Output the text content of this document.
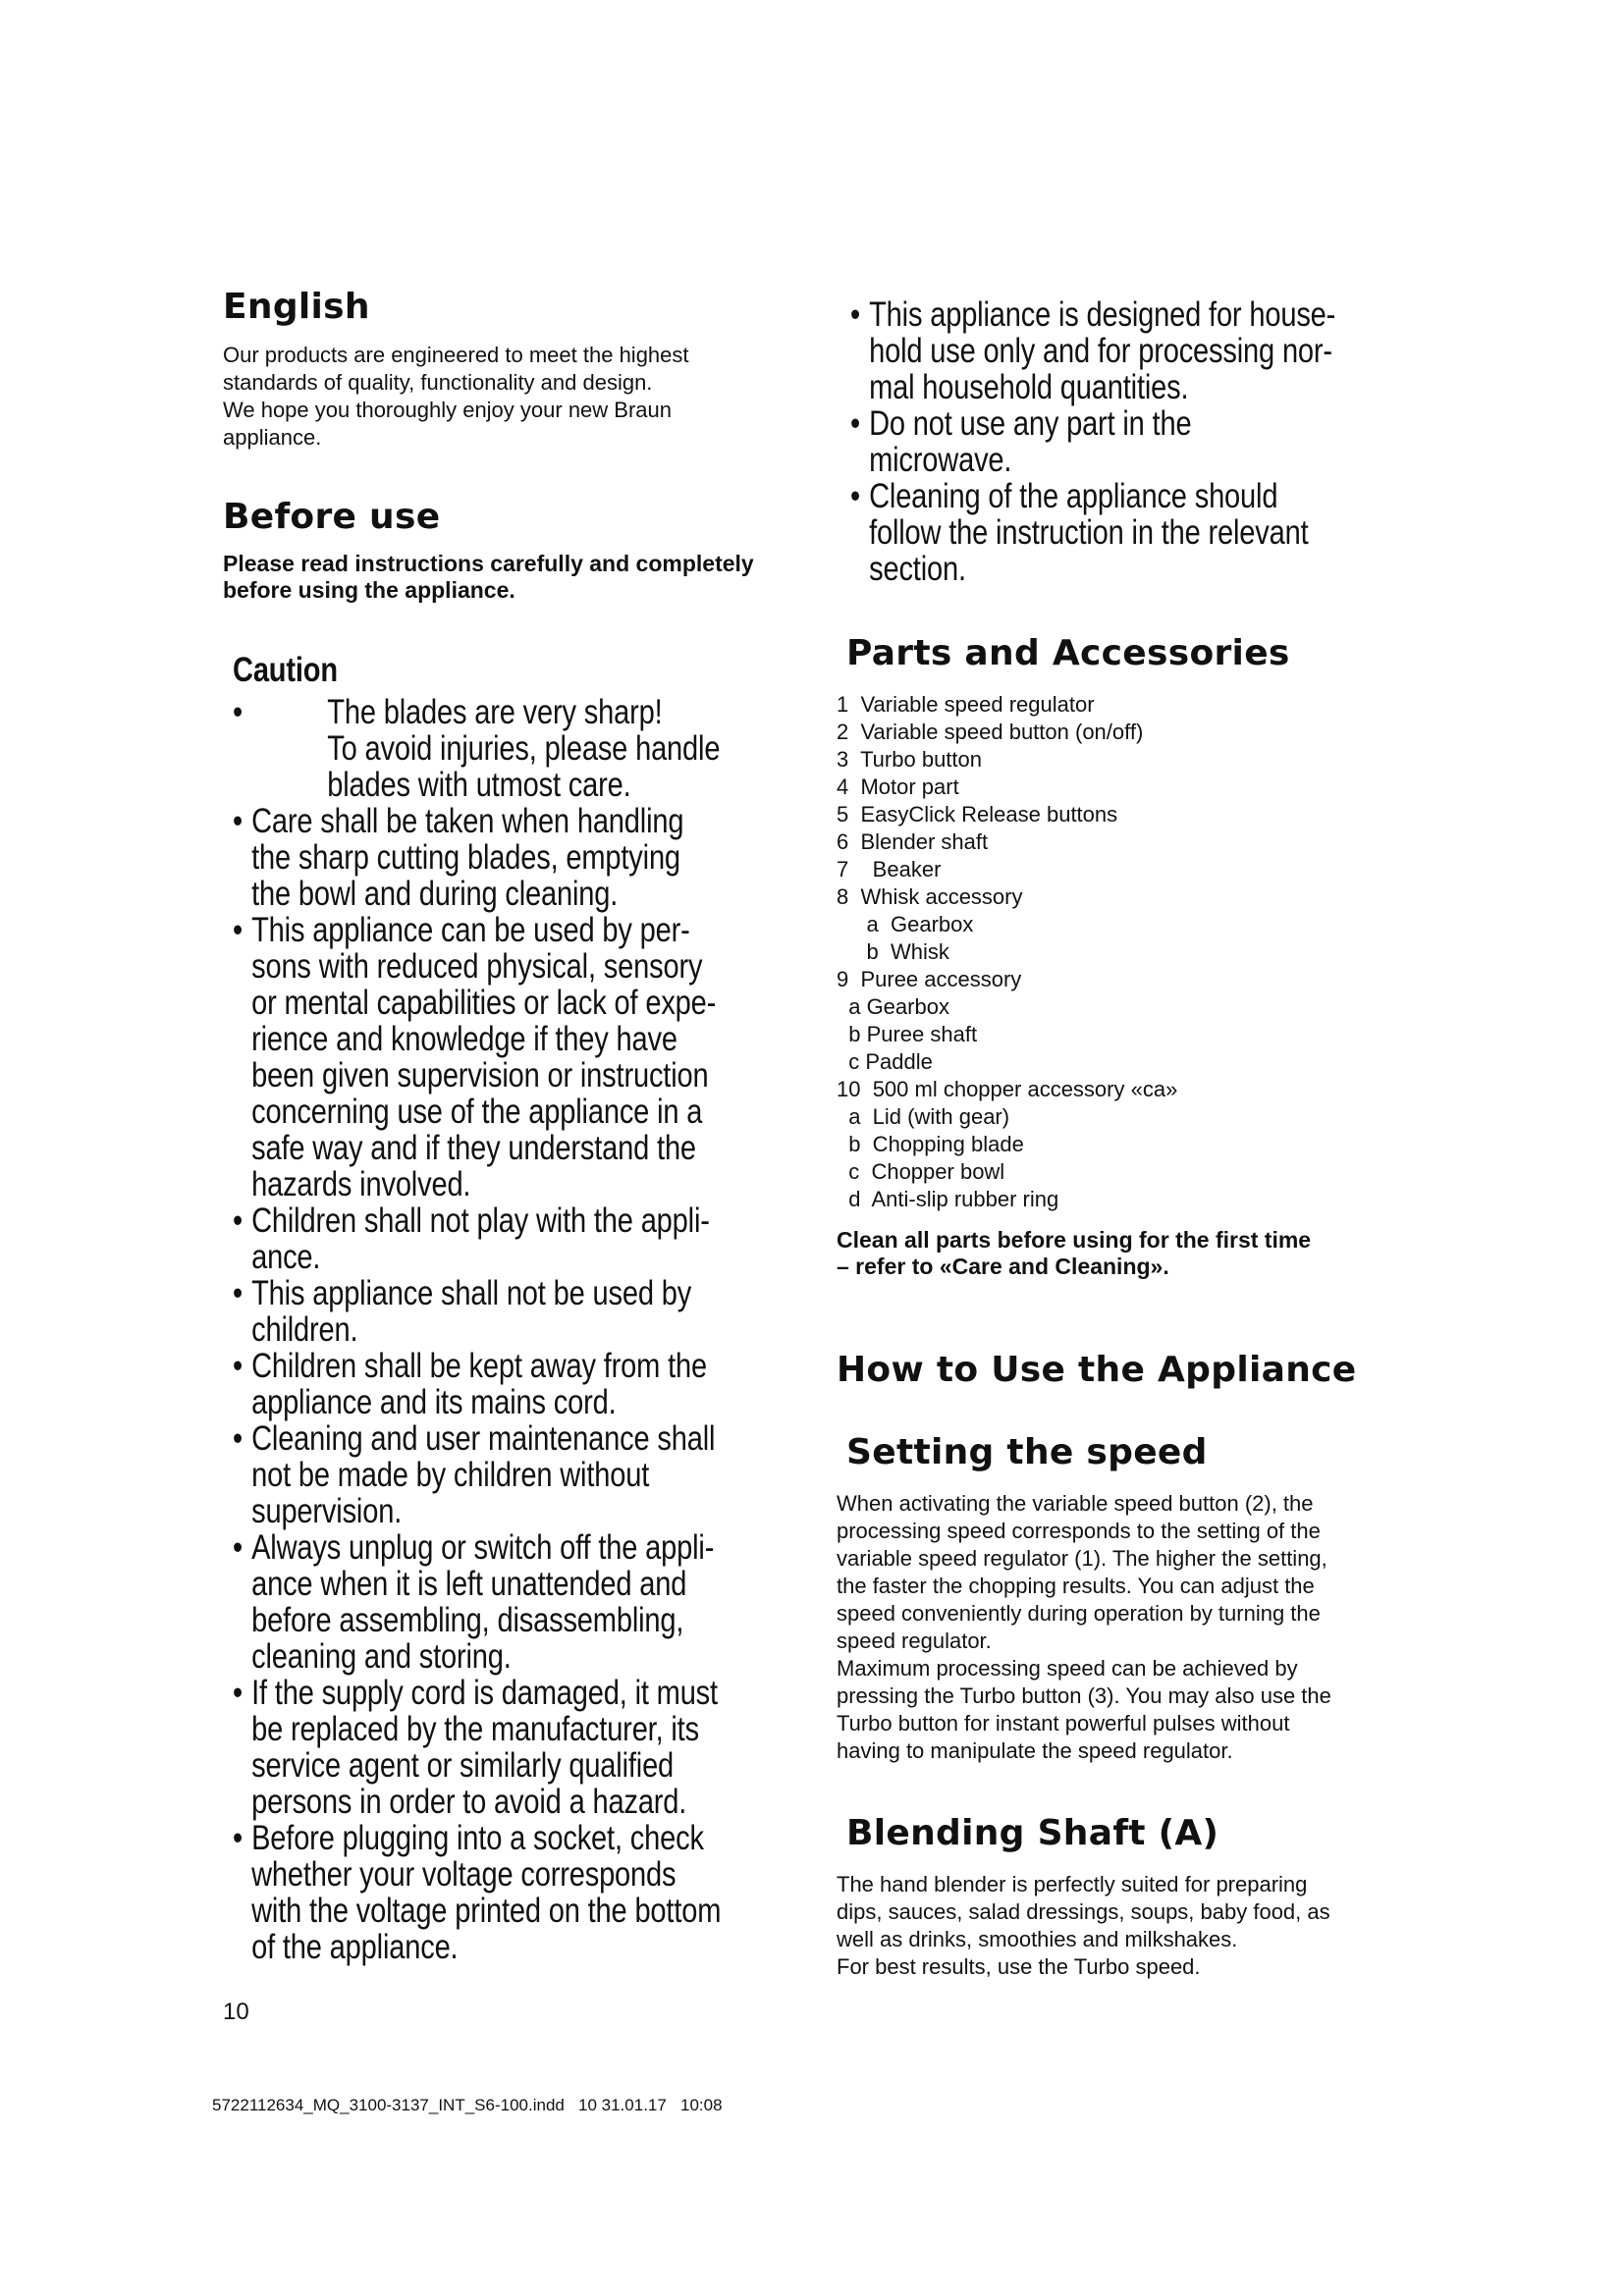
English
Our products are engineered to meet the highest
standards of quality, functionality and design.
We hope you thoroughly enjoy your new Braun
appliance.
Before use
Please read instructions carefully and completely
before using the appliance.
Caution
• The blades are very sharp!
To avoid injuries, please handle
blades with utmost care.
• Care shall be taken when handling
the sharp cutting blades, emptying
the bowl and during cleaning.
• This appliance can be used by per-
sons with reduced physical, sensory
or mental capabilities or lack of expe-
rience and knowledge if they have
been given supervision or instruction
concerning use of the appliance in a
safe way and if they understand the
hazards involved.
• Children shall not play with the appli-
ance.
• This appliance shall not be used by
children.
• Children shall be kept away from the
appliance and its mains cord.
• Cleaning and user maintenance shall
not be made by children without
supervision.
• Always unplug or switch off the appli-
ance when it is left unattended and
before assembling, disassembling,
cleaning and storing.
• If the supply cord is damaged, it must
be replaced by the manufacturer, its
service agent or similarly qualified
persons in order to avoid a hazard.
• Before plugging into a socket, check
whether your voltage corresponds
with the voltage printed on the bottom
of the appliance.
10
5722112634_MQ_3100-3137_INT_S6-100.indd   10 31.01.17   10:08
• This appliance is designed for house-
hold use only and for processing nor-
mal household quantities.
• Do not use any part in the microwave.
• Cleaning of the appliance should
follow the instruction in the relevant
section.
Parts and Accessories
1  Variable speed regulator
2  Variable speed button (on/off)
3  Turbo button
4  Motor part
5  EasyClick Release buttons
6  Blender shaft
7    Beaker
8  Whisk accessory
a  Gearbox
b  Whisk
9  Puree accessory
a Gearbox
b Puree shaft
c Paddle
10  500 ml chopper accessory «ca»
a  Lid (with gear)
b  Chopping blade
c  Chopper bowl
d  Anti-slip rubber ring
Clean all parts before using for the first time
– refer to «Care and Cleaning».
How to Use the Appliance
Setting the speed
When activating the variable speed button (2), the
processing speed corresponds to the setting of the
variable speed regulator (1). The higher the setting,
the faster the chopping results. You can adjust the
speed conveniently during operation by turning the
speed regulator.
Maximum processing speed can be achieved by
pressing the Turbo button (3). You may also use the
Turbo button for instant powerful pulses without
having to manipulate the speed regulator.
Blending Shaft (A)
The hand blender is perfectly suited for preparing
dips, sauces, salad dressings, soups, baby food, as
well as drinks, smoothies and milkshakes.
For best results, use the Turbo speed.
